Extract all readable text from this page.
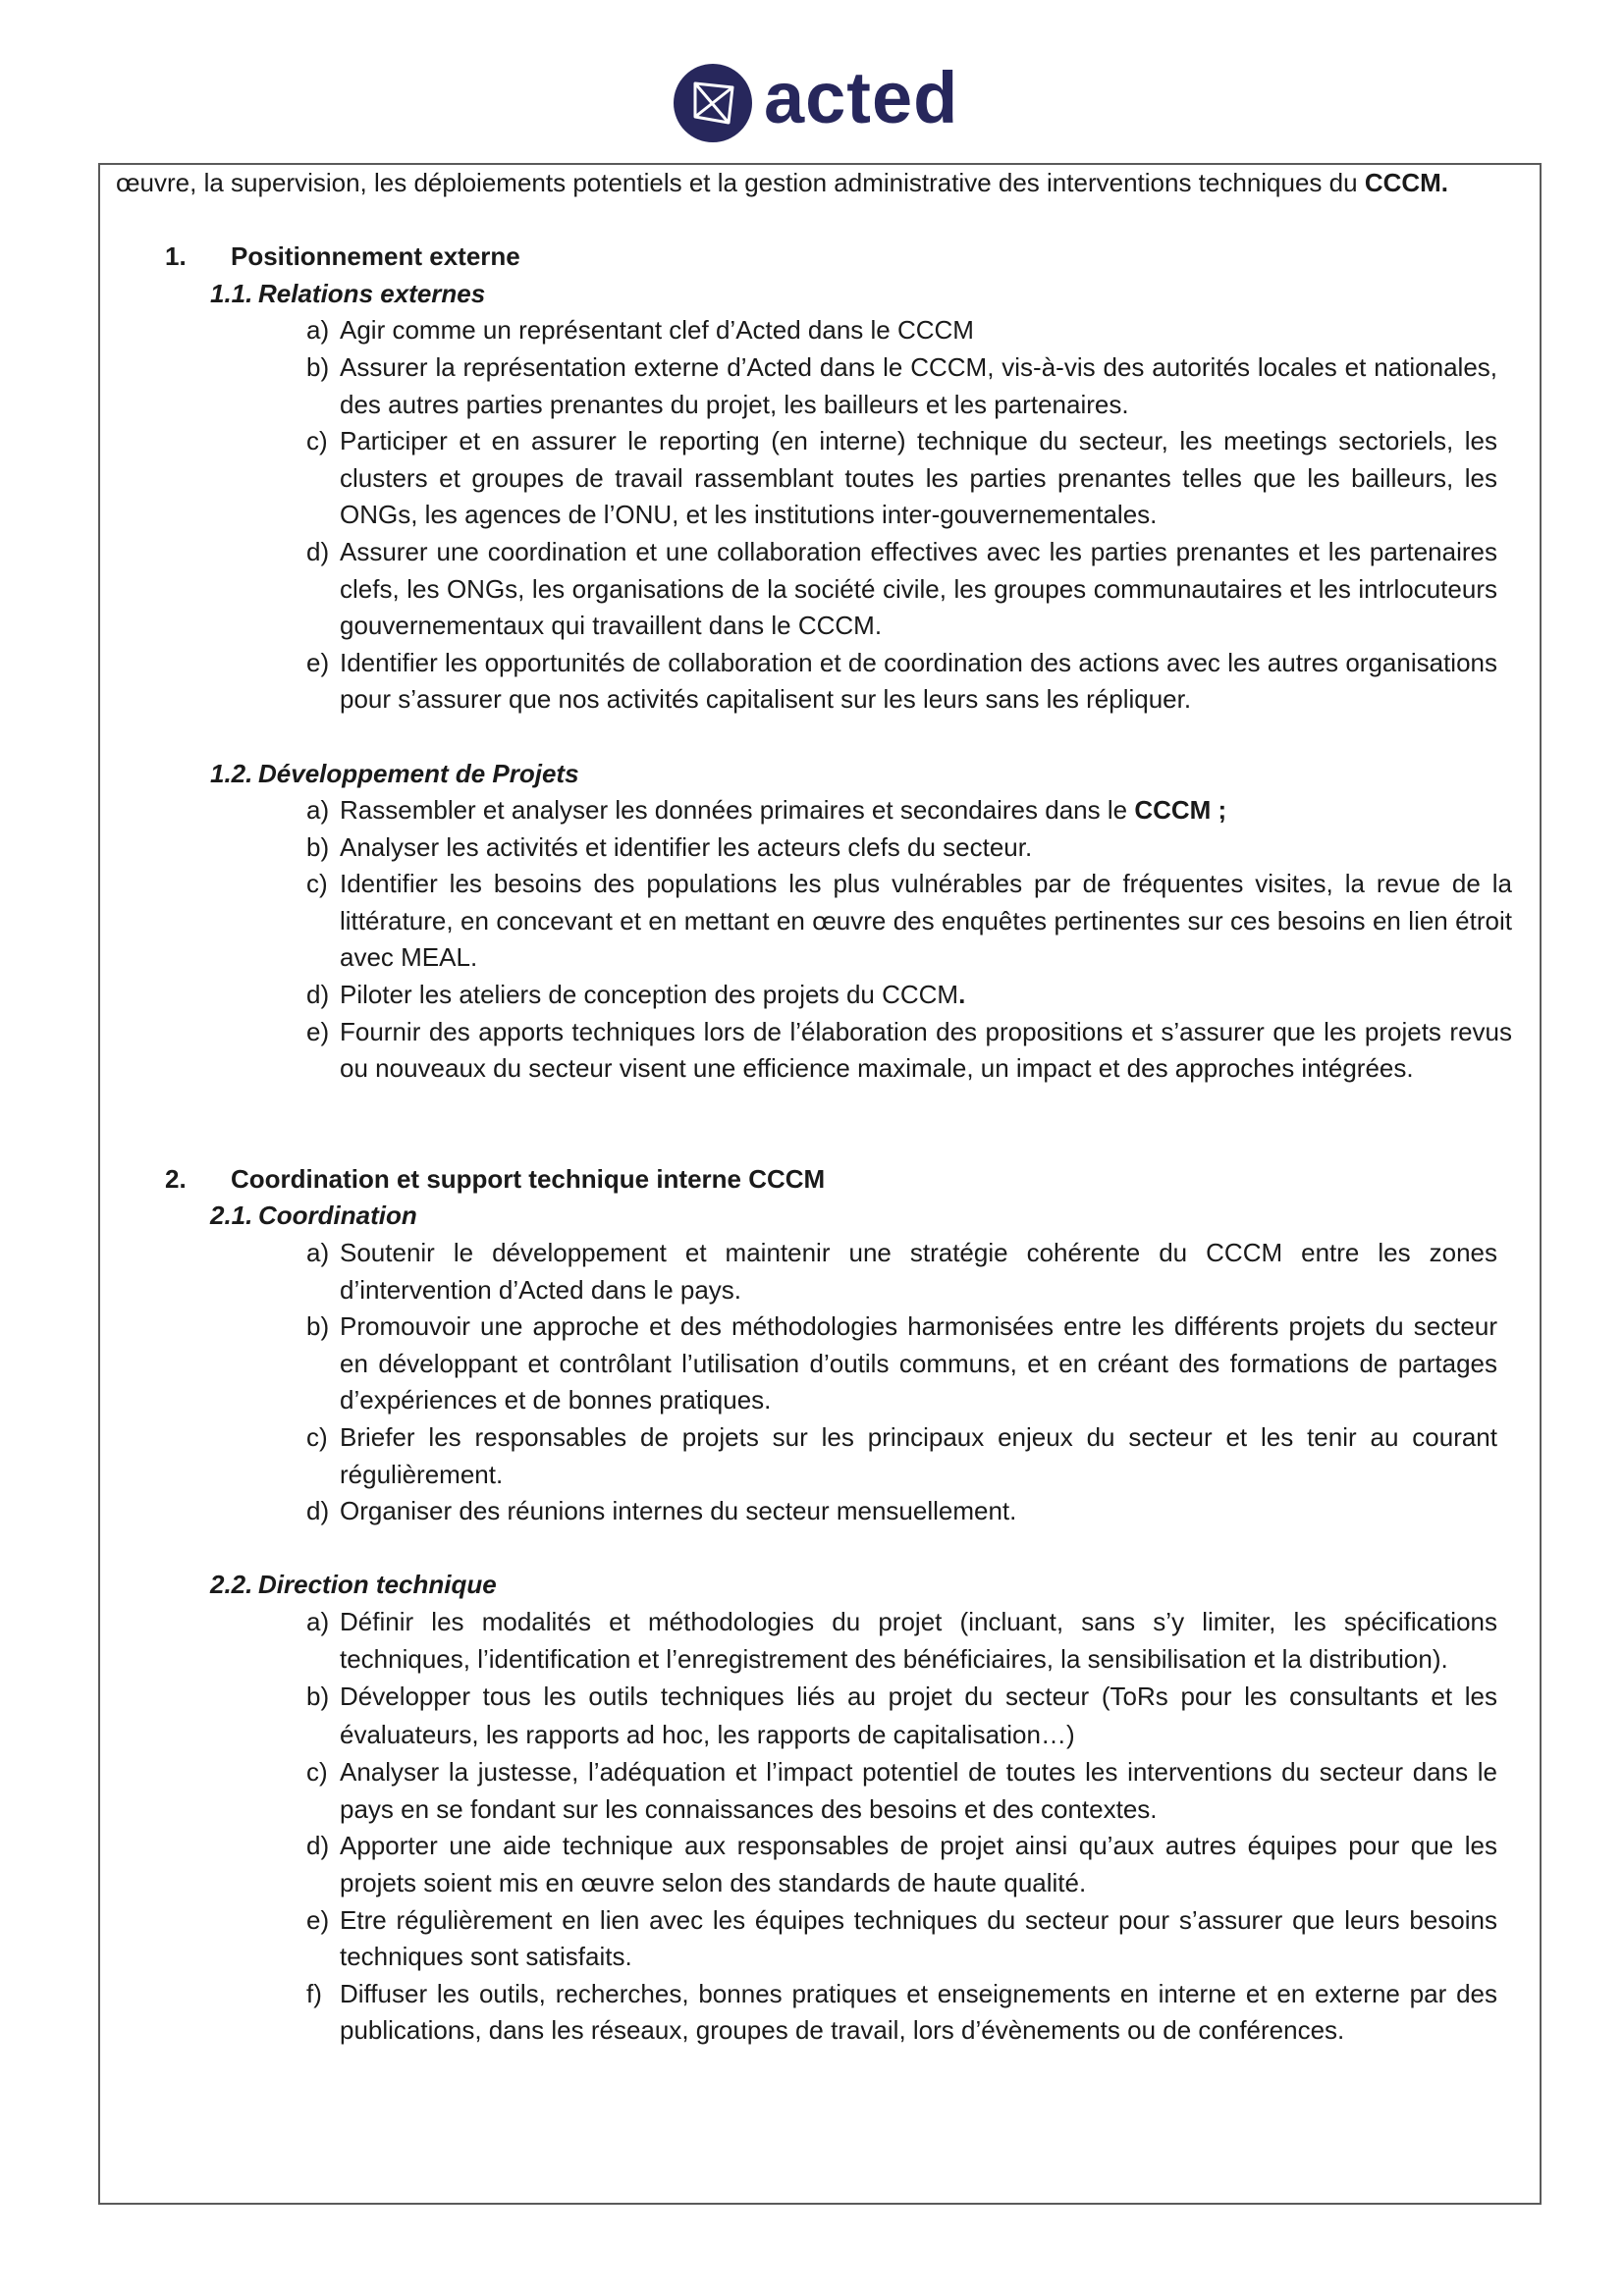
acted

œuvre, la supervision, les déploiements potentiels et la gestion administrative des interventions techniques du CCCM.

1. Positionnement externe

1.1. Relations externes

a) Agir comme un représentant clef d’Acted dans le CCCM
b) Assurer la représentation externe d’Acted dans le CCCM, vis-à-vis des autorités locales et nationales, des autres parties prenantes du projet, les bailleurs et les partenaires.
c) Participer et en assurer le reporting (en interne) technique du secteur, les meetings sectoriels, les clusters et groupes de travail rassemblant toutes les parties prenantes telles que les bailleurs, les ONGs, les agences de l’ONU, et les institutions inter-gouvernementales.
d) Assurer une coordination et une collaboration effectives avec les parties prenantes et les partenaires clefs, les ONGs, les organisations de la société civile, les groupes communautaires et les intrlocuteurs gouvernementaux qui travaillent dans le CCCM.
e) Identifier les opportunités de collaboration et de coordination des actions avec les autres organisations pour s’assurer que nos activités capitalisent sur les leurs sans les répliquer.

1.2. Développement de Projets

a) Rassembler et analyser les données primaires et secondaires dans le CCCM ;
b) Analyser les activités et identifier les acteurs clefs du secteur.
c) Identifier les besoins des populations les plus vulnérables par de fréquentes visites, la revue de la littérature, en concevant et en mettant en œuvre des enquêtes pertinentes sur ces besoins en lien étroit avec MEAL.
d) Piloter les ateliers de conception des projets du CCCM.
e) Fournir des apports techniques lors de l’élaboration des propositions et s’assurer que les projets revus ou nouveaux du secteur visent une efficience maximale, un impact et des approches intégrées.

2. Coordination et support technique interne CCCM

2.1. Coordination

a) Soutenir le développement et maintenir une stratégie cohérente du CCCM entre les zones d’intervention d’Acted dans le pays.
b) Promouvoir une approche et des méthodologies harmonisées entre les différents projets du secteur en développant et contrôlant l’utilisation d’outils communs, et en créant des formations de partages d’expériences et de bonnes pratiques.
c) Briefer les responsables de projets sur les principaux enjeux du secteur et les tenir au courant régulièrement.
d) Organiser des réunions internes du secteur mensuellement.

2.2. Direction technique

a) Définir les modalités et méthodologies du projet (incluant, sans s’y limiter, les spécifications techniques, l’identification et l’enregistrement des bénéficiaires, la sensibilisation et la distribution).
b) Développer tous les outils techniques liés au projet du secteur (ToRs pour les consultants et les évaluateurs, les rapports ad hoc, les rapports de capitalisation…)
c) Analyser la justesse, l’adéquation et l’impact potentiel de toutes les interventions du secteur dans le pays en se fondant sur les connaissances des besoins et des contextes.
d) Apporter une aide technique aux responsables de projet ainsi qu’aux autres équipes pour que les projets soient mis en œuvre selon des standards de haute qualité.
e) Etre régulièrement en lien avec les équipes techniques du secteur pour s’assurer que leurs besoins techniques sont satisfaits.
f) Diffuser les outils, recherches, bonnes pratiques et enseignements en interne et en externe par des publications, dans les réseaux, groupes de travail, lors d’évènements ou de conférences.
